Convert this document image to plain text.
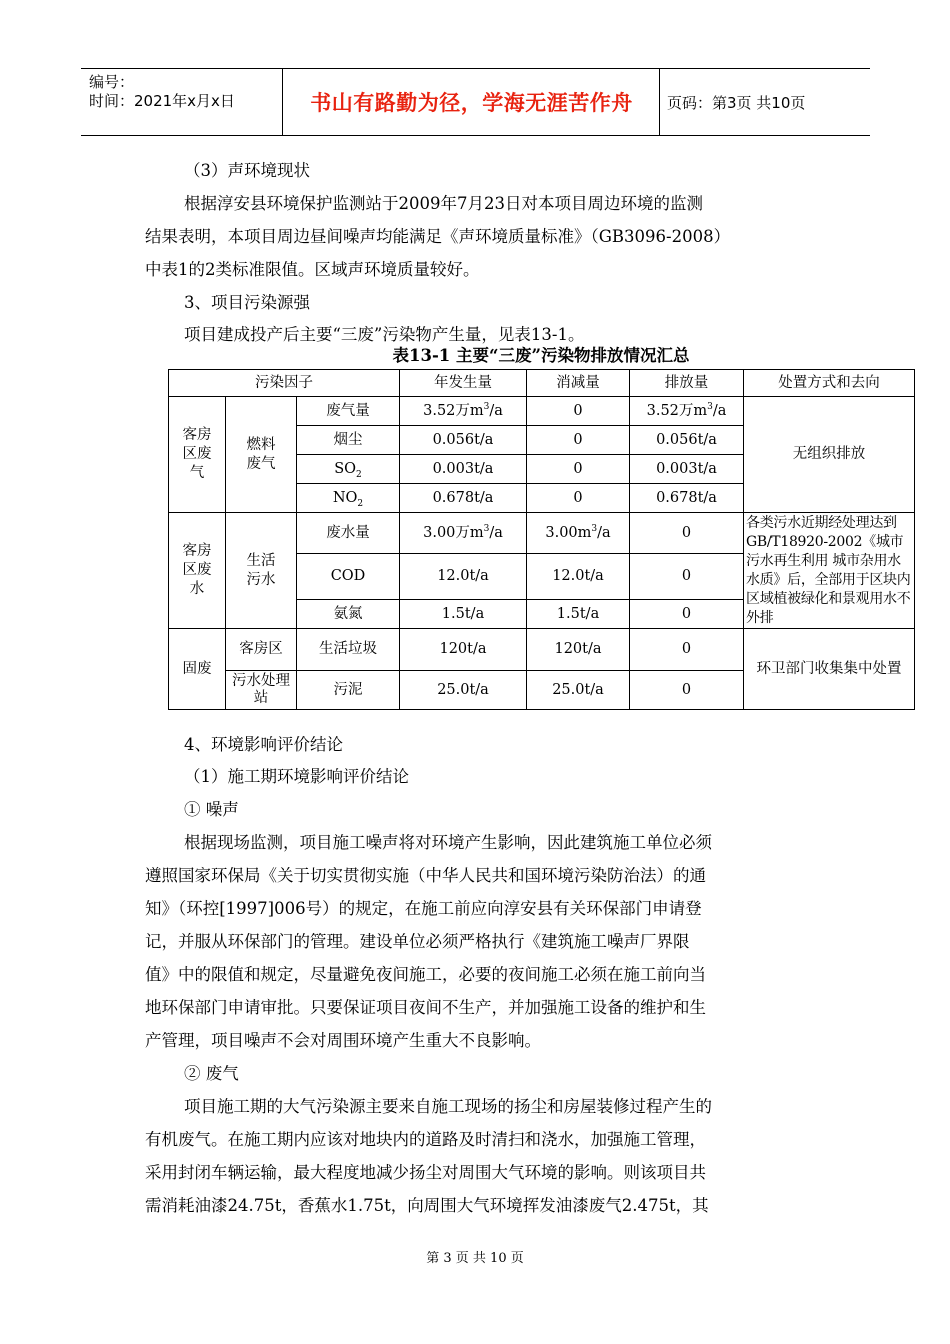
编号：
时间：2021年x月x日	书山有路勤为径，学海无涯苦作舟	页码：第3页 共10页
（3）声环境现状
根据淳安县环境保护监测站于2009年7月23日对本项目周边环境的监测
结果表明，本项目周边昼间噪声均能满足《声环境质量标准》（GB3096-2008）
中表1的2类标准限值。区域声环境质量较好。
3、项目污染源强
项目建成投产后主要“三废”污染物产生量，见表13-1。
表13-1 主要“三废”污染物排放情况汇总
污染因子			年发生量	消减量	排放量	处置方式和去向

客房区废气	燃料废气	废气量	3.52万$m^3/a$	0	3.52万$m^3/a$	无组织排放
		烟尘	0.056t/a	0	0.056t/a	
		$SO_2$	0.003t/a	0	0.003t/a	
		$NO_2$	0.678t/a	0	0.678t/a	

客房区废水	生活污水	废水量	3.00万$m^3/a$	$3.00m^3/a$	0	各类污水近期经处理达到GB/T18920-2002《城市污水再生利用 城市杂用水水质》后，全部用于区块内区域植被绿化和景观用水不外排
		COD	12.0t/a	12.0t/a	0	
		氨氮	1.5t/a	1.5t/a	0	
固废	客房区	生活垃圾	120t/a	120t/a	0	环卫部门收集集中处置

	污水处理站	污泥	25.0t/a	25.0t/a	0	
4、环境影响评价结论
（1）施工期环境影响评价结论
① 噪声
根据现场监测，项目施工噪声将对环境产生影响，因此建筑施工单位必须
遵照国家环保局《关于切实贯彻实施（中华人民共和国环境污染防治法）的通
知》（环控[1997]006号）的规定，在施工前应向淳安县有关环保部门申请登
记，并服从环保部门的管理。建设单位必须严格执行《建筑施工噪声厂界限
值》中的限值和规定，尽量避免夜间施工，必要的夜间施工必须在施工前向当
地环保部门申请审批。只要保证项目夜间不生产，并加强施工设备的维护和生
产管理，项目噪声不会对周围环境产生重大不良影响。
② 废气
项目施工期的大气污染源主要来自施工现场的扬尘和房屋装修过程产生的
有机废气。在施工期内应该对地块内的道路及时清扫和浇水，加强施工管理，
采用封闭车辆运输，最大程度地减少扬尘对周围大气环境的影响。则该项目共
需消耗油漆24.75t，香蕉水1.75t，向周围大气环境挥发油漆废气2.475t，其
第 3 页 共 10 页
